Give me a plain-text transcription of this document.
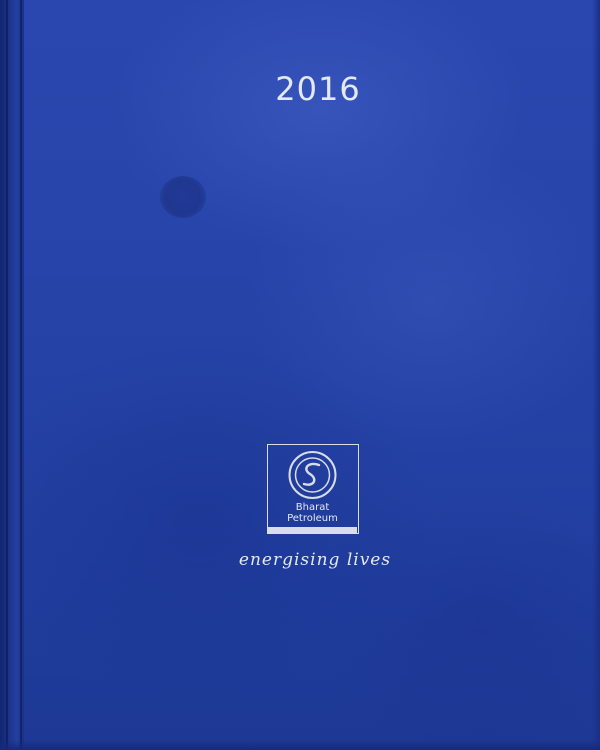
2016
Bharat
Petroleum
energising lives
